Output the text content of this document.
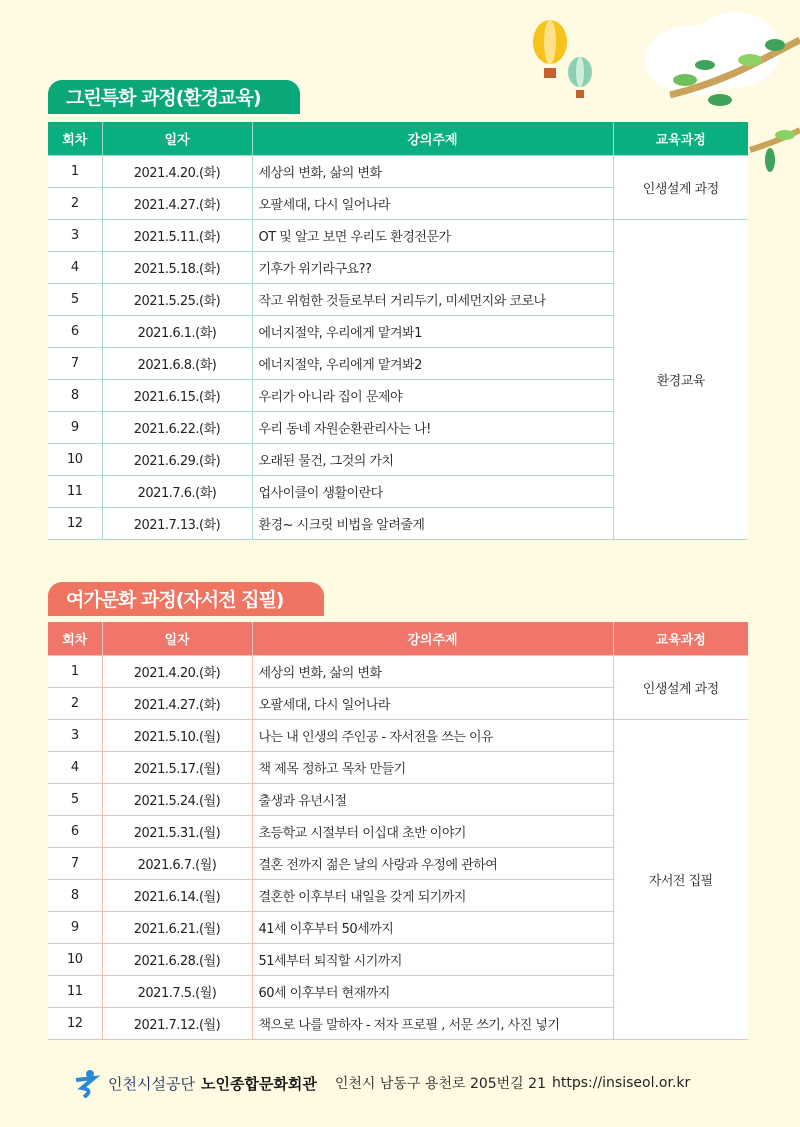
그린특화 과정(환경교육)
회차	일자	강의주제	교육과정
1	2021.4.20.(화)	세상의 변화, 삶의 변화	인생설계 과정
2	2021.4.27.(화)	오팔세대, 다시 일어나라	
3	2021.5.11.(화)	OT 및 알고 보면 우리도 환경전문가	환경교육
4	2021.5.18.(화)	기후가 위기라구요??	
5	2021.5.25.(화)	작고 위험한 것들로부터 거리두기, 미세먼지와 코로나	
6	2021.6.1.(화)	에너지절약, 우리에게 맡겨봐1	
7	2021.6.8.(화)	에너지절약, 우리에게 맡겨봐2	
8	2021.6.15.(화)	우리가 아니라 집이 문제야	
9	2021.6.22.(화)	우리 동네 자원순환관리사는 나!	
10	2021.6.29.(화)	오래된 물건, 그것의 가치	
11	2021.7.6.(화)	업사이클이 생활이란다	
12	2021.7.13.(화)	환경~ 시크릿 비법을 알려줄게	
여가문화 과정(자서전 집필)
회차	일자	강의주제	교육과정
1	2021.4.20.(화)	세상의 변화, 삶의 변화	인생설계 과정
2	2021.4.27.(화)	오팔세대, 다시 일어나라	
3	2021.5.10.(월)	나는 내 인생의 주인공 - 자서전을 쓰는 이유	자서전 집필
4	2021.5.17.(월)	책 제목 정하고 목차 만들기	
5	2021.5.24.(월)	출생과 유년시절	
6	2021.5.31.(월)	초등학교 시절부터 이십대 초반 이야기	
7	2021.6.7.(월)	결혼 전까지 젊은 날의 사랑과 우정에 관하여	
8	2021.6.14.(월)	결혼한 이후부터 내일을 갖게 되기까지	
9	2021.6.21.(월)	41세 이후부터 50세까지	
10	2021.6.28.(월)	51세부터 퇴직할 시기까지	
11	2021.7.5.(월)	60세 이후부터 현재까지	
12	2021.7.12.(월)	책으로 나를 말하자 - 저자 프로필 , 서문 쓰기, 사진 넣기	
인천시설공단 노인종합문화회관 인천시 남동구 용천로 205번길 21 https://insiseol.or.kr
